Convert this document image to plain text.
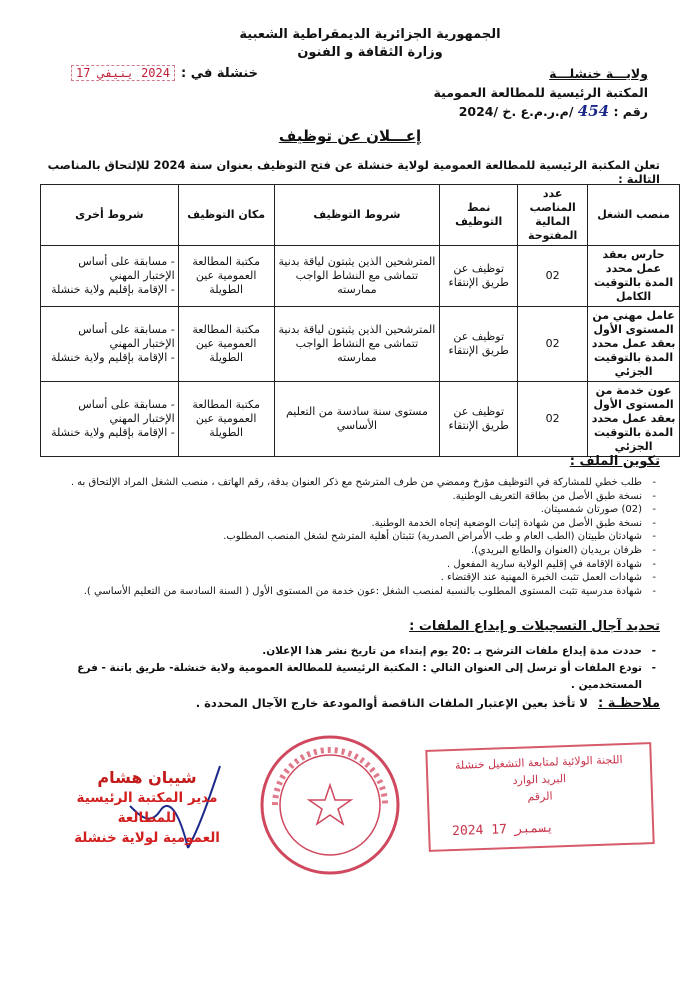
الجمهورية الجزائرية الديمقراطية الشعبية
وزارة الثقافة و الفنون
ولايـــة خنشلـــة
المكتبة الرئيسية للمطالعة العمومية
رقم : 454 /م.ر.م.ع .خ /2024
خنشلة في :
2024 ينيفي 17
إعـــلان عن توظيف
تعلن المكتبة الرئيسية للمطالعة العمومية لولاية خنشلة عن فتح التوظيف بعنوان سنة 2024 للإلتحاق بالمناصب التالية :
منصب الشغل	عدد المناصب المالية المفتوحة	نمط التوظيف	شروط التوظيف	مكان التوظيف	شروط أخرى
حارس بعقد عمل محدد المدة بالتوقيت الكامل	02	توظيف عن طريق الإنتقاء	المترشحين الذين يثبتون لياقة بدنية تتماشى مع النشاط الواجب ممارسته	مكتبة المطالعة العمومية عين الطويلة	- مسابقة على أساس الإختبار المهني
- الإقامة بإقليم ولاية خنشلة

عامل مهني من المستوى الأول بعقد عمل محدد المدة بالتوقيت الجزئي	02	توظيف عن طريق الإنتقاء	المترشحين الذين يثبتون لياقة بدنية تتماشى مع النشاط الواجب ممارسته	مكتبة المطالعة العمومية عين الطويلة	- مسابقة على أساس الإختبار المهني
- الإقامة بإقليم ولاية خنشلة

عون خدمة من المستوى الأول بعقد عمل محدد المدة بالتوقيت الجزئي	02	توظيف عن طريق الإنتقاء	مستوى سنة سادسة من التعليم الأساسي	مكتبة المطالعة العمومية عين الطويلة	- مسابقة على أساس الإختبار المهني
- الإقامة بإقليم ولاية خنشلة
تكوين الملف :
- طلب خطي للمشاركة في التوظيف مؤرخ وممضي من طرف المترشح مع ذكر العنوان بدقة، رقم الهاتف ، منصب الشغل المراد الإلتحاق به .
- نسخة طبق الأصل من بطاقة التعريف الوطنية.
- (02) صورتان شمسيتان.
- نسخة طبق الأصل من شهادة إثبات الوضعية إتجاه الخدمة الوطنية.
- شهادتان طبيتان (الطب العام و طب الأمراض الصدرية) تثبتان أهلية المترشح لشغل المنصب المطلوب.
- ظرفان بريديان (العنوان والطابع البريدي).
- شهادة الإقامة في إقليم الولاية سارية المفعول .
- شهادات العمل تثبت الخبرة المهنية عند الإقتضاء .
- شهادة مدرسية تثبت المستوى المطلوب بالنسبة لمنصب الشغل :عون خدمة من المستوى الأول ( السنة السادسة من التعليم الأساسي ).
تحديد آجال التسجيلات و إيداع الملفات :
- حددت مدة إيداع ملفات الترشح بـ :20 يوم إبتداء من تاريخ نشر هذا الإعلان.
- تودع الملفات أو ترسل إلى العنوان التالي : المكتبة الرئيسية للمطالعة العمومية ولاية خنشلة- طريق باتنة - فرع المستخدمين .
ملاحظـة : لا تأخذ بعين الإعتبار الملفات الناقصة أوالمودعة خارج الآجال المحددة .
شيبان هشام
مدير المكتبة الرئيسية للمطالعة
العمومية لولاية خنشلة
اللجنة الولائية لمتابعة التشغيل خنشلة
البريد الوارد
الرقم
2024 يسمبر 17
